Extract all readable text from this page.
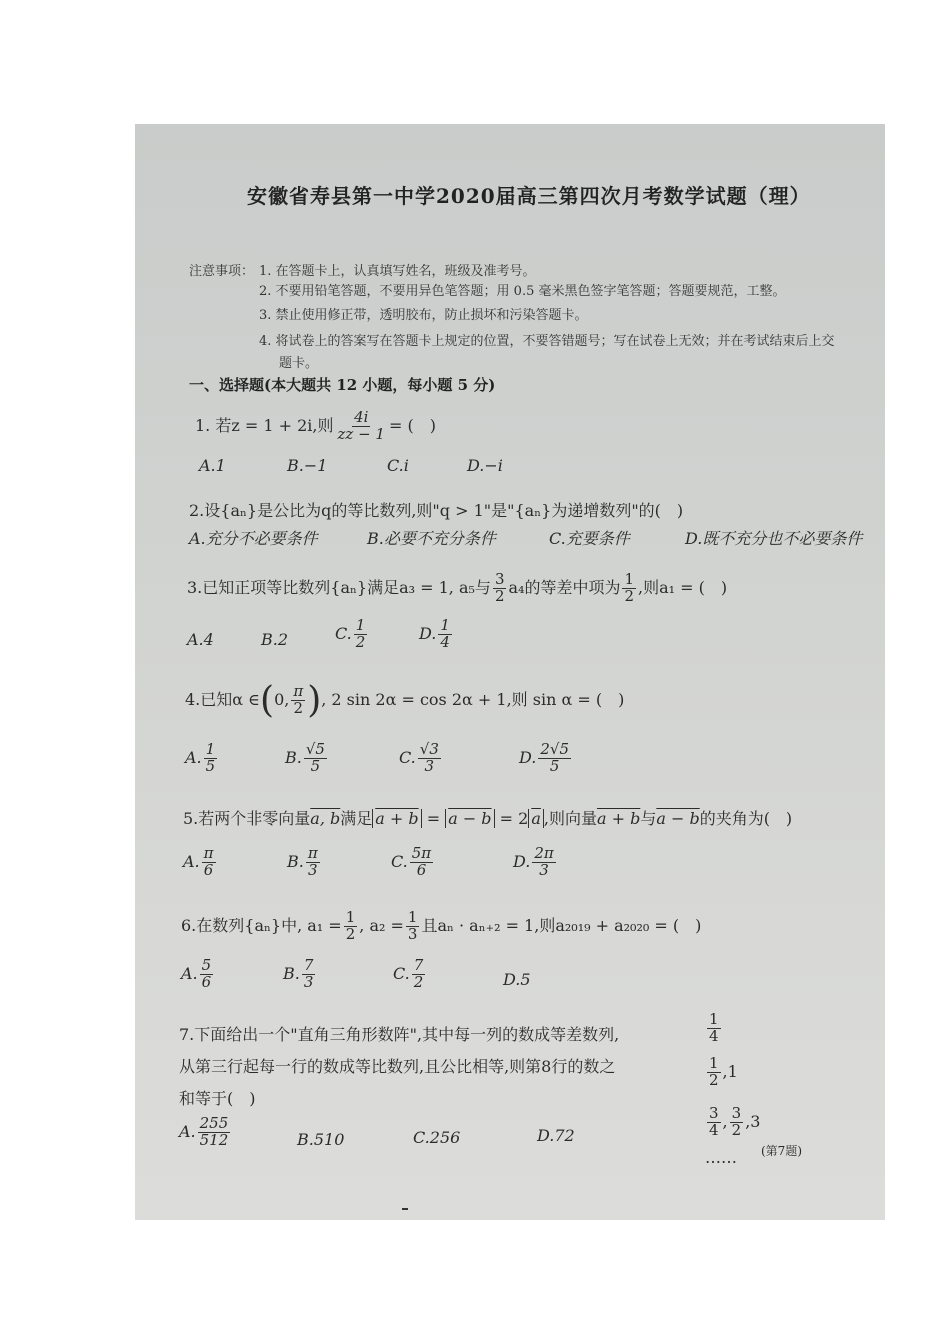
安徽省寿县第一中学2020届高三第四次月考数学试题（理）
注意事项： 1. 在答题卡上，认真填写姓名，班级及准考号。
2. 不要用铅笔答题，不要用异色笔答题；用 0.5 毫米黑色签字笔答题；答题要规范，工整。
3. 禁止使用修正带，透明胶布，防止损坏和污染答题卡。
4. 将试卷上的答案写在答题卡上规定的位置，不要答错题号；写在试卷上无效；并在考试结束后上交
题卡。
一、选择题(本大题共 12 小题，每小题 5 分)
1. 若z = 1 + 2i,则 $\frac{4i}{zz - 1}$ = (　)
A.1	B.−1	C.i	D.−i
2.设{aₙ}是公比为q的等比数列,则"q > 1"是"{aₙ}为递增数列"的(　)
A.充分不必要条件	B.必要不充分条件	C.充要条件	D.既不充分也不必要条件
3.已知正项等比数列{aₙ}满足a₃ = 1, a₅与 $\frac{3}{2} a_4$的等差中项为 $\frac{1}{2}$ ,则a₁ = (　)
A.4	B.2	C. $\frac{1}{2}$	D. $\frac{1}{4}$
4.已知α ∈(0, $\frac{\pi}{2}$ ), 2 sin 2α = cos 2α + 1,则 sin α = (　)
A. $\frac{1}{5}$	B. $\frac{√5}{5}$	C. $\frac{√3}{3}$	D. $\frac{2√5}{5}$
5.若两个非零向量a, b满足 a + b = a − b = 2 $\overline{a}$ ,则向量a + b与a − b的夹角为(　)
A. $\frac{\pi}{6}$	B. $\frac{\pi}{3}$	C. $\frac{5\pi}{6}$	D. $\frac{2\pi}{3}$
6.在数列{aₙ}中, $a_1 = \frac{1}{2}$ , $a_2 = \frac{1}{3}$ 且aₙ · aₙ₊₂ = 1,则a₂₀₁₉ + a₂₀₂₀ = (　)
A. $\frac{5}{6}$	B. $\frac{7}{3}$	C. $\frac{7}{2}$	D.5
7.下面给出一个"直角三角形数阵",其中每一列的数成等差数列,
从第三行起每一行的数成等比数列,且公比相等,则第8行的数之
和等于(　)
A. $\frac{255}{512}$	B.510	C.256	D.72
$\frac{1}{4}$
$\frac{1}{2} ,1$
$\frac{3}{4}$ , $\frac{3}{2} ,3$
…… (第7题)
